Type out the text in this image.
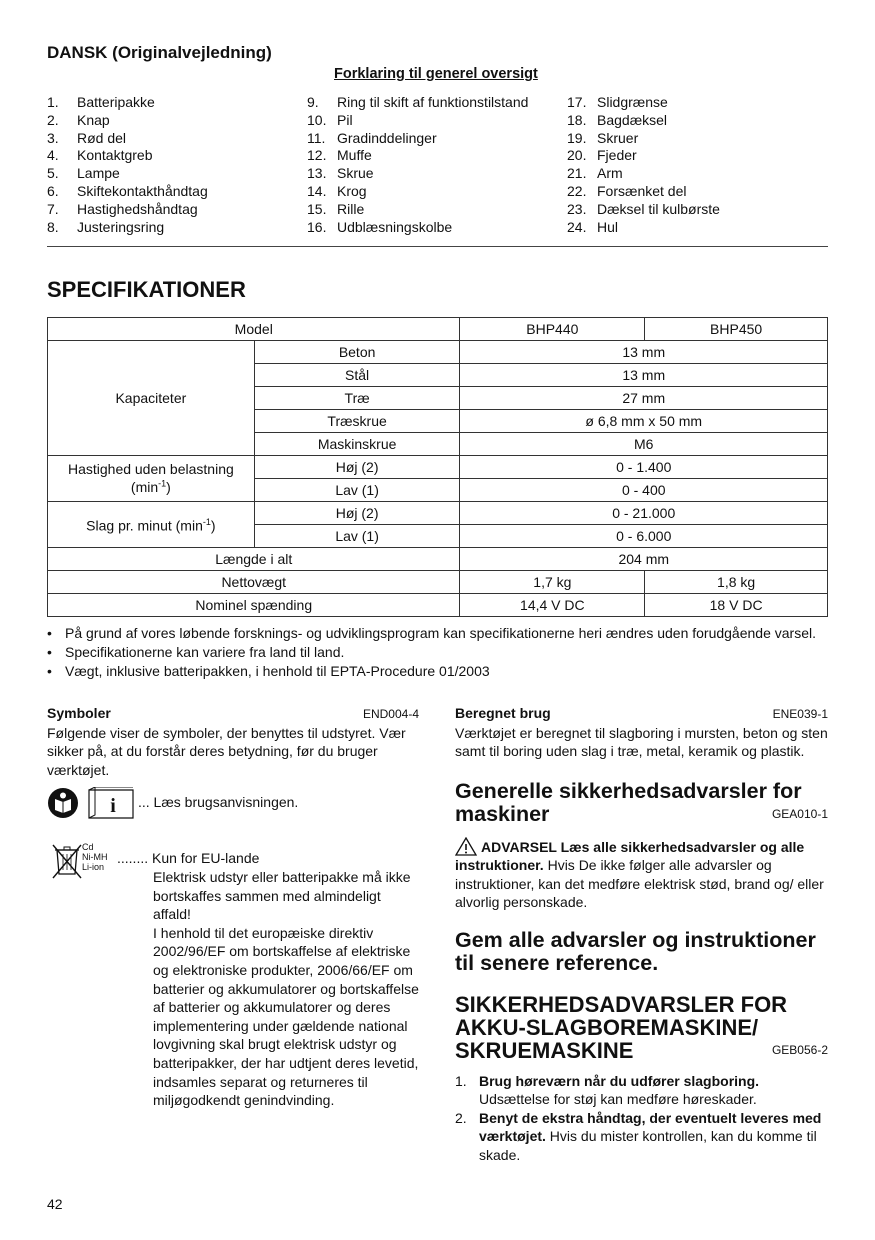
DANSK (Originalvejledning)
Forklaring til generel oversigt
1.	Batteripakke
2.	Knap
3.	Rød del
4.	Kontaktgreb
5.	Lampe
6.	Skiftekontakthåndtag
7.	Hastighedshåndtag
8.	Justeringsring
9.	Ring til skift af funktionstilstand
10. Pil
11. Gradinddelinger
12. Muffe
13. Skrue
14. Krog
15. Rille
16. Udblæsningskolbe
17. Slidgrænse
18. Bagdæksel
19. Skruer
20. Fjeder
21. Arm
22. Forsænket del
23. Dæksel til kulbørste
24. Hul
SPECIFIKATIONER
Model		BHP440	BHP450
Kapaciteter	Beton	13 mm	
	Stål	13 mm	
	Træ	27 mm	
	Træskrue	ø 6,8 mm x 50 mm	
	Maskinskrue	M6	
Hastighed uden belastning
$(\min^{-1})$	Høj (2)	0 - 1.400	
	Lav (1)	0 - 400	
Slag pr. minut $(\min^{-1})$	Høj (2)	0 - 21.000	
	Lav (1)	0 - 6.000	
Længde i alt		204 mm	
Nettovægt		1,7 kg	1,8 kg
Nominel spænding		14,4 V DC	18 V DC
• På grund af vores løbende forsknings- og udviklingsprogram kan specifikationerne heri ændres uden forudgående varsel.
• Specifikationerne kan variere fra land til land.
• Vægt, inklusive batteripakken, i henhold til EPTA-Procedure 01/2003
Symboler	END004-4
Følgende viser de symboler, der benyttes til udstyret. Vær sikker på, at du forstår deres betydning, før du bruger værktøjet.
i ... Læs brugsanvisningen.
Cd
Ni-MH
Li-ion
........ Kun for EU-lande
Elektrisk udstyr eller batteripakke må ikke bortskaffes sammen med almindeligt affald!
I henhold til det europæiske direktiv 2002/96/EF om bortskaffelse af elektriske og elektroniske produkter, 2006/66/EF om batterier og akkumulatorer og bortskaffelse af batterier og akkumulatorer og deres implementering under gældende national lovgivning skal brugt elektrisk udstyr og batteripakker, der har udtjent deres levetid, indsamles separat og returneres til miljøgodkendt genindvinding.
Beregnet brug	ENE039-1
Værktøjet er beregnet til slagboring i mursten, beton og sten samt til boring uden slag i træ, metal, keramik og plastik.
Generelle sikkerhedsadvarsler for maskiner	GEA010-1
ADVARSEL Læs alle sikkerhedsadvarsler og alle instruktioner. Hvis De ikke følger alle advarsler og instruktioner, kan det medføre elektrisk stød, brand og/ eller alvorlig personskade.
Gem alle advarsler og instruktioner til senere reference.
SIKKERHEDSADVARSLER FOR
AKKU-SLAGBOREMASKINE/
SKRUEMASKINE	GEB056-2
1. Brug høreværn når du udfører slagboring. Udsættelse for støj kan medføre høreskader.
2. Benyt de ekstra håndtag, der eventuelt leveres med værktøjet. Hvis du mister kontrollen, kan du komme til skade.
42
